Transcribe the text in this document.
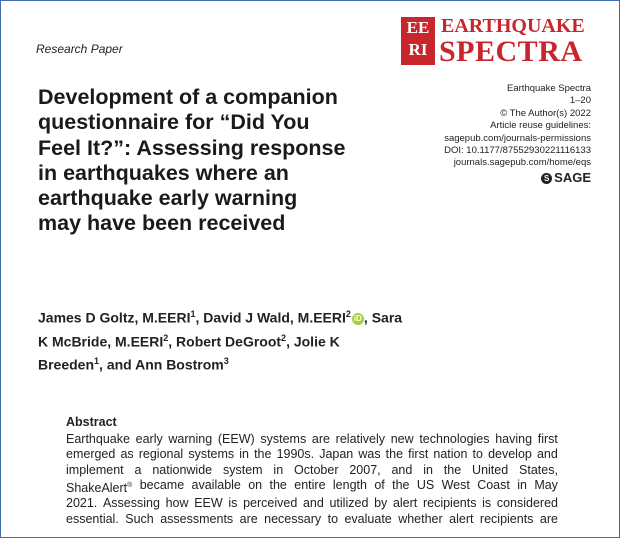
Research Paper
EE RI
EARTHQUAKE
SPECTRA
Earthquake Spectra
1–20
© The Author(s) 2022
Article reuse guidelines:
sagepub.com/journals-permissions
DOI: 10.1177/87552930221116133
journals.sagepub.com/home/eqs
S SAGE
Development of a companion
questionnaire for “Did You
Feel It?”: Assessing response
in earthquakes where an
earthquake early warning
may have been received
James D Goltz, M.EERI$^1$, David J Wald, M.EERI$^2$ iD , Sara
K McBride, M.EERI$^2$, Robert DeGroot$^2$, Jolie K
Breeden$^1$, and Ann Bostrom$^3$
Abstract
Earthquake early warning (EEW) systems are relatively new technologies having first
emerged as regional systems in the 1990s. Japan was the first nation to develop and
implement a nationwide system in October 2007, and in the United States,
ShakeAlert® became available on the entire length of the US West Coast in May
2021. Assessing how EEW is perceived and utilized by alert recipients is considered
essential. Such assessments are necessary to evaluate whether alert recipients are
